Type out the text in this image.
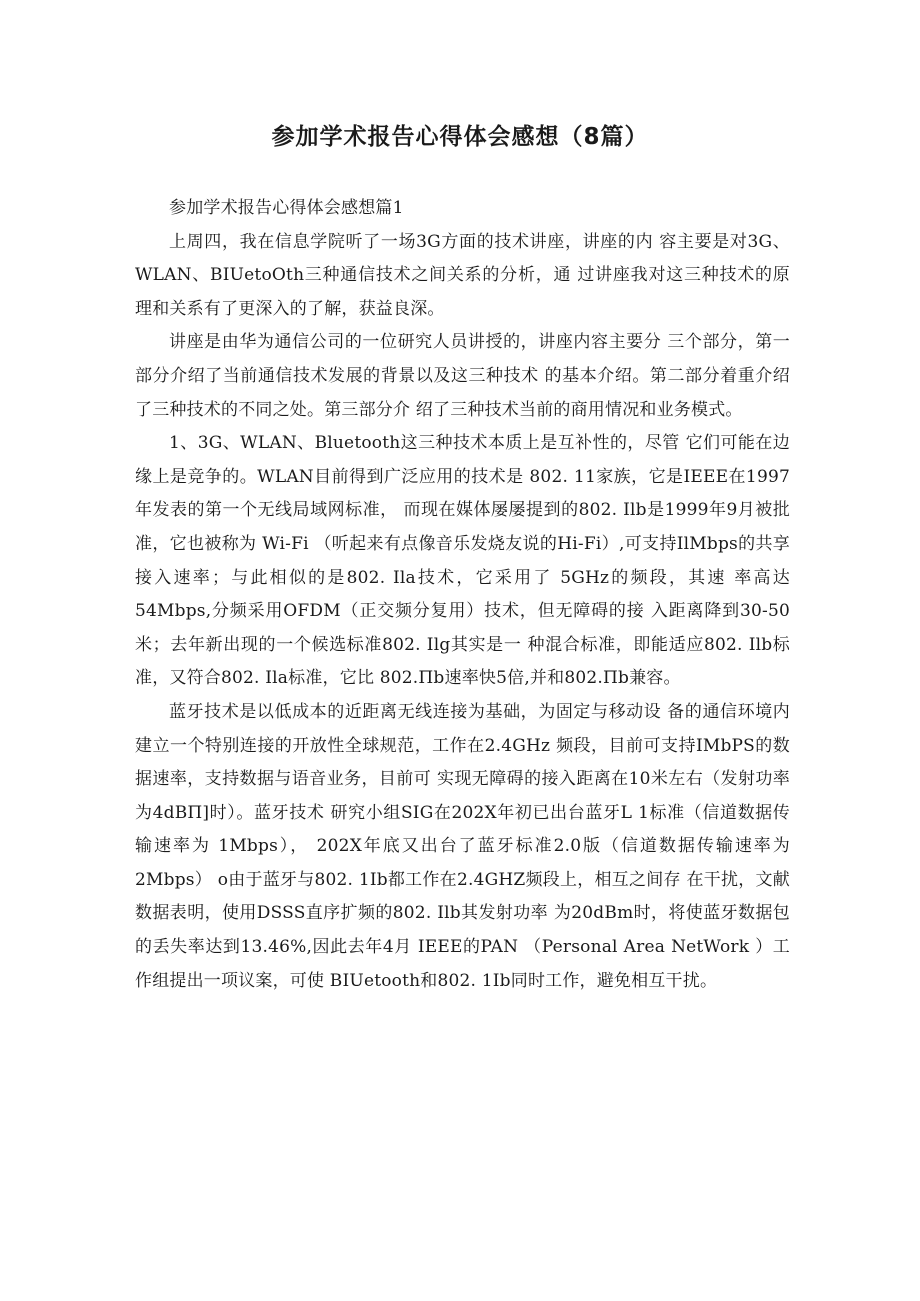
参加学术报告心得体会感想（8篇）

参加学术报告心得体会感想篇1

上周四，我在信息学院听了一场3G方面的技术讲座，讲座的内 容主要是对3G、WLAN、BIUetoOth三种通信技术之间关系的分析，通 过讲座我对这三种技术的原理和关系有了更深入的了解，获益良深。

讲座是由华为通信公司的一位研究人员讲授的，讲座内容主要分 三个部分，第一部分介绍了当前通信技术发展的背景以及这三种技术 的基本介绍。第二部分着重介绍了三种技术的不同之处。第三部分介 绍了三种技术当前的商用情况和业务模式。

1、3G、WLAN、Bluetooth这三种技术本质上是互补性的，尽管 它们可能在边缘上是竞争的。WLAN目前得到广泛应用的技术是 802. 11家族，它是IEEE在1997年发表的第一个无线局域网标准， 而现在媒体屡屡提到的802. Ilb是1999年9月被批准，它也被称为 Wi-Fi （听起来有点像音乐发烧友说的Hi-Fi）,可支持IlMbps的共享 接入速率；与此相似的是802. Ila技术，它采用了 5GHz的频段，其速 率高达54Mbps,分频采用OFDM（正交频分复用）技术，但无障碍的接 入距离降到30-50米；去年新出现的一个候选标准802. Ilg其实是一 种混合标准，即能适应802. Ilb标准，又符合802. Ila标准，它比 802.Πb速率快5倍,并和802.Πb兼容。

蓝牙技术是以低成本的近距离无线连接为基础，为固定与移动设 备的通信环境内建立一个特别连接的开放性全球规范，工作在2.4GHz 频段，目前可支持IMbPS的数据速率，支持数据与语音业务，目前可 实现无障碍的接入距离在10米左右（发射功率为4dBΠ]时）。蓝牙技术 研究小组SIG在202X年初已出台蓝牙L 1标准（信道数据传输速率为 1Mbps）， 202X年底又出台了蓝牙标准2.0版（信道数据传输速率为 2Mbps） o由于蓝牙与802. 1Ib都工作在2.4GHZ频段上，相互之间存 在干扰，文献数据表明，使用DSSS直序扩频的802. Ilb其发射功率 为20dBm时，将使蓝牙数据包的丢失率达到13.46%,因此去年4月 IEEE的PAN （Personal Area NetWork ）工作组提出一项议案，可使 BIUetooth和802. 1Ib同时工作，避免相互干扰。
